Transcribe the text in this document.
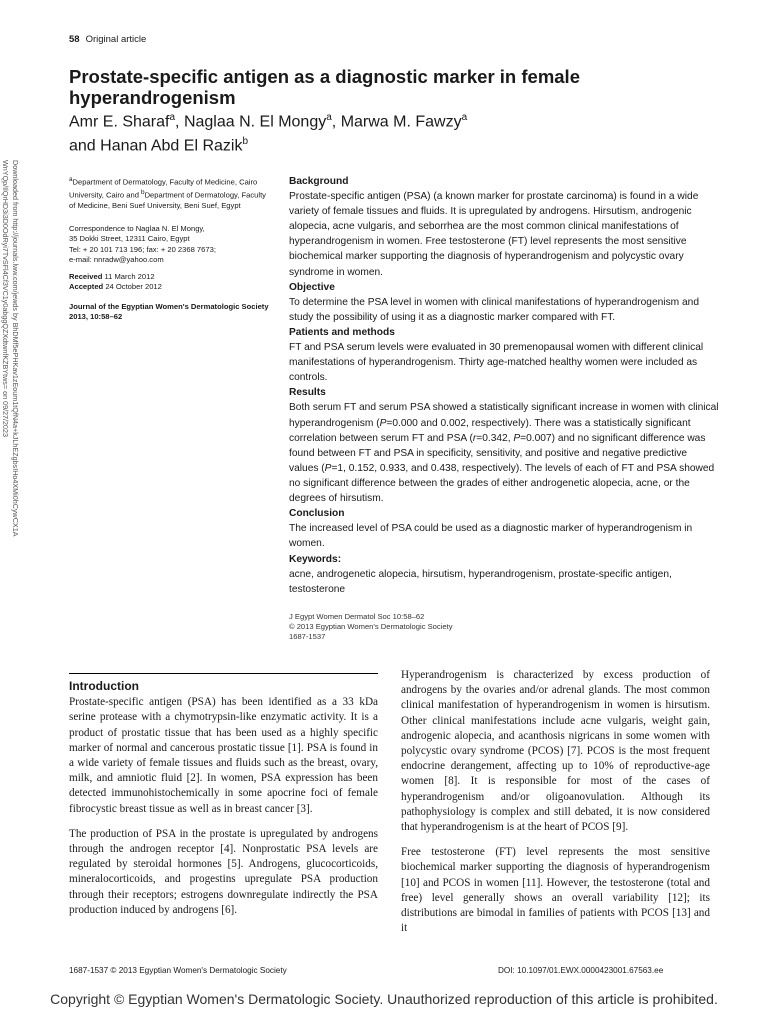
58 Original article
Prostate-specific antigen as a diagnostic marker in female hyperandrogenism
Amr E. Sharaf$^a$, Naglaa N. El Mongy$^a$, Marwa M. Fawzy$^a$
and Hanan Abd El Razik$^b$
Downloaded from http://journals.lww.com/jewds by BhDMf5ePHKav1zEoum1tQfN4a+kJLhEZgbsIHo4XMi0hCywCX1A
WnYQp/IlQrHD3i3D0OdRyi7TvSFl4Cf3VC1y0abggQZXdtwnfKZBYtws= on 09/27/2023	$^a$Department of Dermatology, Faculty of Medicine, Cairo University, Cairo and $^b$Department of Dermatology, Faculty of Medicine, Beni Suef University, Beni Suef, Egypt

Correspondence to Naglaa N. El Mongy,

35 Dokki Street, 12311 Cairo, Egypt

Tel: + 20 101 713 196; fax: + 20 2368 7673;

e-mail: nnradw@yahoo.com

Received 11 March 2012

Accepted 24 October 2012

Journal of the Egyptian Women's Dermatologic Society 2013, 10:58–62
Background

Prostate-specific antigen (PSA) (a known marker for prostate carcinoma) is found in a wide variety of female tissues and fluids. It is upregulated by androgens. Hirsutism, androgenic alopecia, acne vulgaris, and seborrhea are the most common clinical manifestations of hyperandrogenism in women. Free testosterone (FT) level represents the most sensitive biochemical marker supporting the diagnosis of hyperandrogenism and polycystic ovary syndrome in women.

Objective

To determine the PSA level in women with clinical manifestations of hyperandrogenism and study the possibility of using it as a diagnostic marker compared with FT.

Patients and methods

FT and PSA serum levels were evaluated in 30 premenopausal women with different clinical manifestations of hyperandrogenism. Thirty age-matched healthy women were included as controls.

Results

Both serum FT and serum PSA showed a statistically significant increase in women with clinical hyperandrogenism (P=0.000 and 0.002, respectively). There was a statistically significant correlation between serum FT and PSA (r=0.342, P=0.007) and no significant difference was found between FT and PSA in specificity, sensitivity, and positive and negative predictive values (P=1, 0.152, 0.933, and 0.438, respectively). The levels of each of FT and PSA showed no significant difference between the grades of either androgenetic alopecia, acne, or the degrees of hirsutism.

Conclusion

The increased level of PSA could be used as a diagnostic marker of hyperandrogenism in women.

Keywords:

acne, androgenetic alopecia, hirsutism, hyperandrogenism, prostate-specific antigen, testosterone

J Egypt Women Dermatol Soc 10:58–62

© 2013 Egyptian Women's Dermatologic Society

1687-1537

Introduction

Prostate-specific antigen (PSA) has been identified as a 33 kDa serine protease with a chymotrypsin-like enzymatic activity. It is a product of prostatic tissue that has been used as a highly specific marker of normal and cancerous prostatic tissue [1]. PSA is found in a wide variety of female tissues and fluids such as the breast, ovary, milk, and amniotic fluid [2]. In women, PSA expression has been detected immunohistochemically in some apocrine foci of female fibrocystic breast tissue as well as in breast cancer [3].

The production of PSA in the prostate is upregulated by androgens through the androgen receptor [4]. Nonprostatic PSA levels are regulated by steroidal hormones [5]. Androgens, glucocorticoids, mineralocorticoids, and progestins upregulate PSA production through their receptors; estrogens downregulate indirectly the PSA production induced by androgens [6].

Hyperandrogenism is characterized by excess production of androgens by the ovaries and/or adrenal glands. The most common clinical manifestation of hyperandrogenism in women is hirsutism. Other clinical manifestations include acne vulgaris, weight gain, androgenic alopecia, and acanthosis nigricans in some women with polycystic ovary syndrome (PCOS) [7]. PCOS is the most frequent endocrine derangement, affecting up to 10% of reproductive-age women [8]. It is responsible for most of the cases of hyperandrogenism and/or oligoanovulation. Although its pathophysiology is complex and still debated, it is now considered that hyperandrogenism is at the heart of PCOS [9].

Free testosterone (FT) level represents the most sensitive biochemical marker supporting the diagnosis of hyperandrogenism [10] and PCOS in women [11]. However, the testosterone (total and free) level generally shows an overall variability [12]; its distributions are bimodal in families of patients with PCOS [13] and it

1687-1537 © 2013 Egyptian Women's Dermatologic Society	DOI: 10.1097/01.EWX.0000423001.67563.ee
Copyright © Egyptian Women's Dermatologic Society. Unauthorized reproduction of this article is prohibited.
